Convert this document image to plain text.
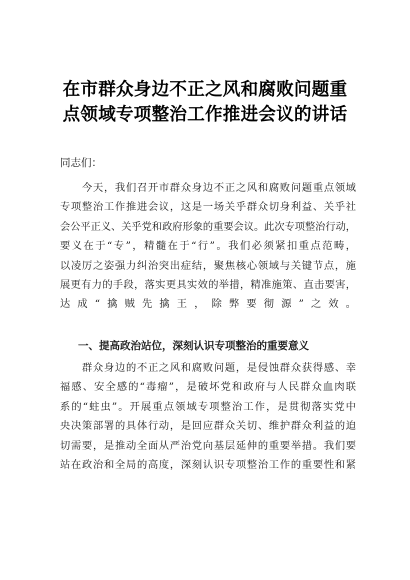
在市群众身边不正之风和腐败问题重
点领域专项整治工作推进会议的讲话

同志们：

　　今天，我们召开市群众身边不正之风和腐败问题重点领域
专项整治工作推进会议，这是一场关乎群众切身利益、关乎社
会公平正义、关乎党和政府形象的重要会议。此次专项整治行动，
要义在于“专”，精髓在于“行”。我们必须紧扣重点范畴，
以凌厉之姿强力纠治突出症结，聚焦核心领域与关键节点，施
展更有力的手段，落实更具实效的举措，精准施策、直击要害，
达成“擒贼先擒王，除弊要彻源”之效。
一、提高政治站位，深刻认识专项整治的重要意义
　　群众身边的不正之风和腐败问题，是侵蚀群众获得感、幸
福感、安全感的“毒瘤”，是破坏党和政府与人民群众血肉联
系的“蛀虫”。开展重点领域专项整治工作，是贯彻落实党中
央决策部署的具体行动，是回应群众关切、维护群众利益的迫
切需要，是推动全面从严治党向基层延伸的重要举措。我们要
站在政治和全局的高度，深刻认识专项整治工作的重要性和紧
